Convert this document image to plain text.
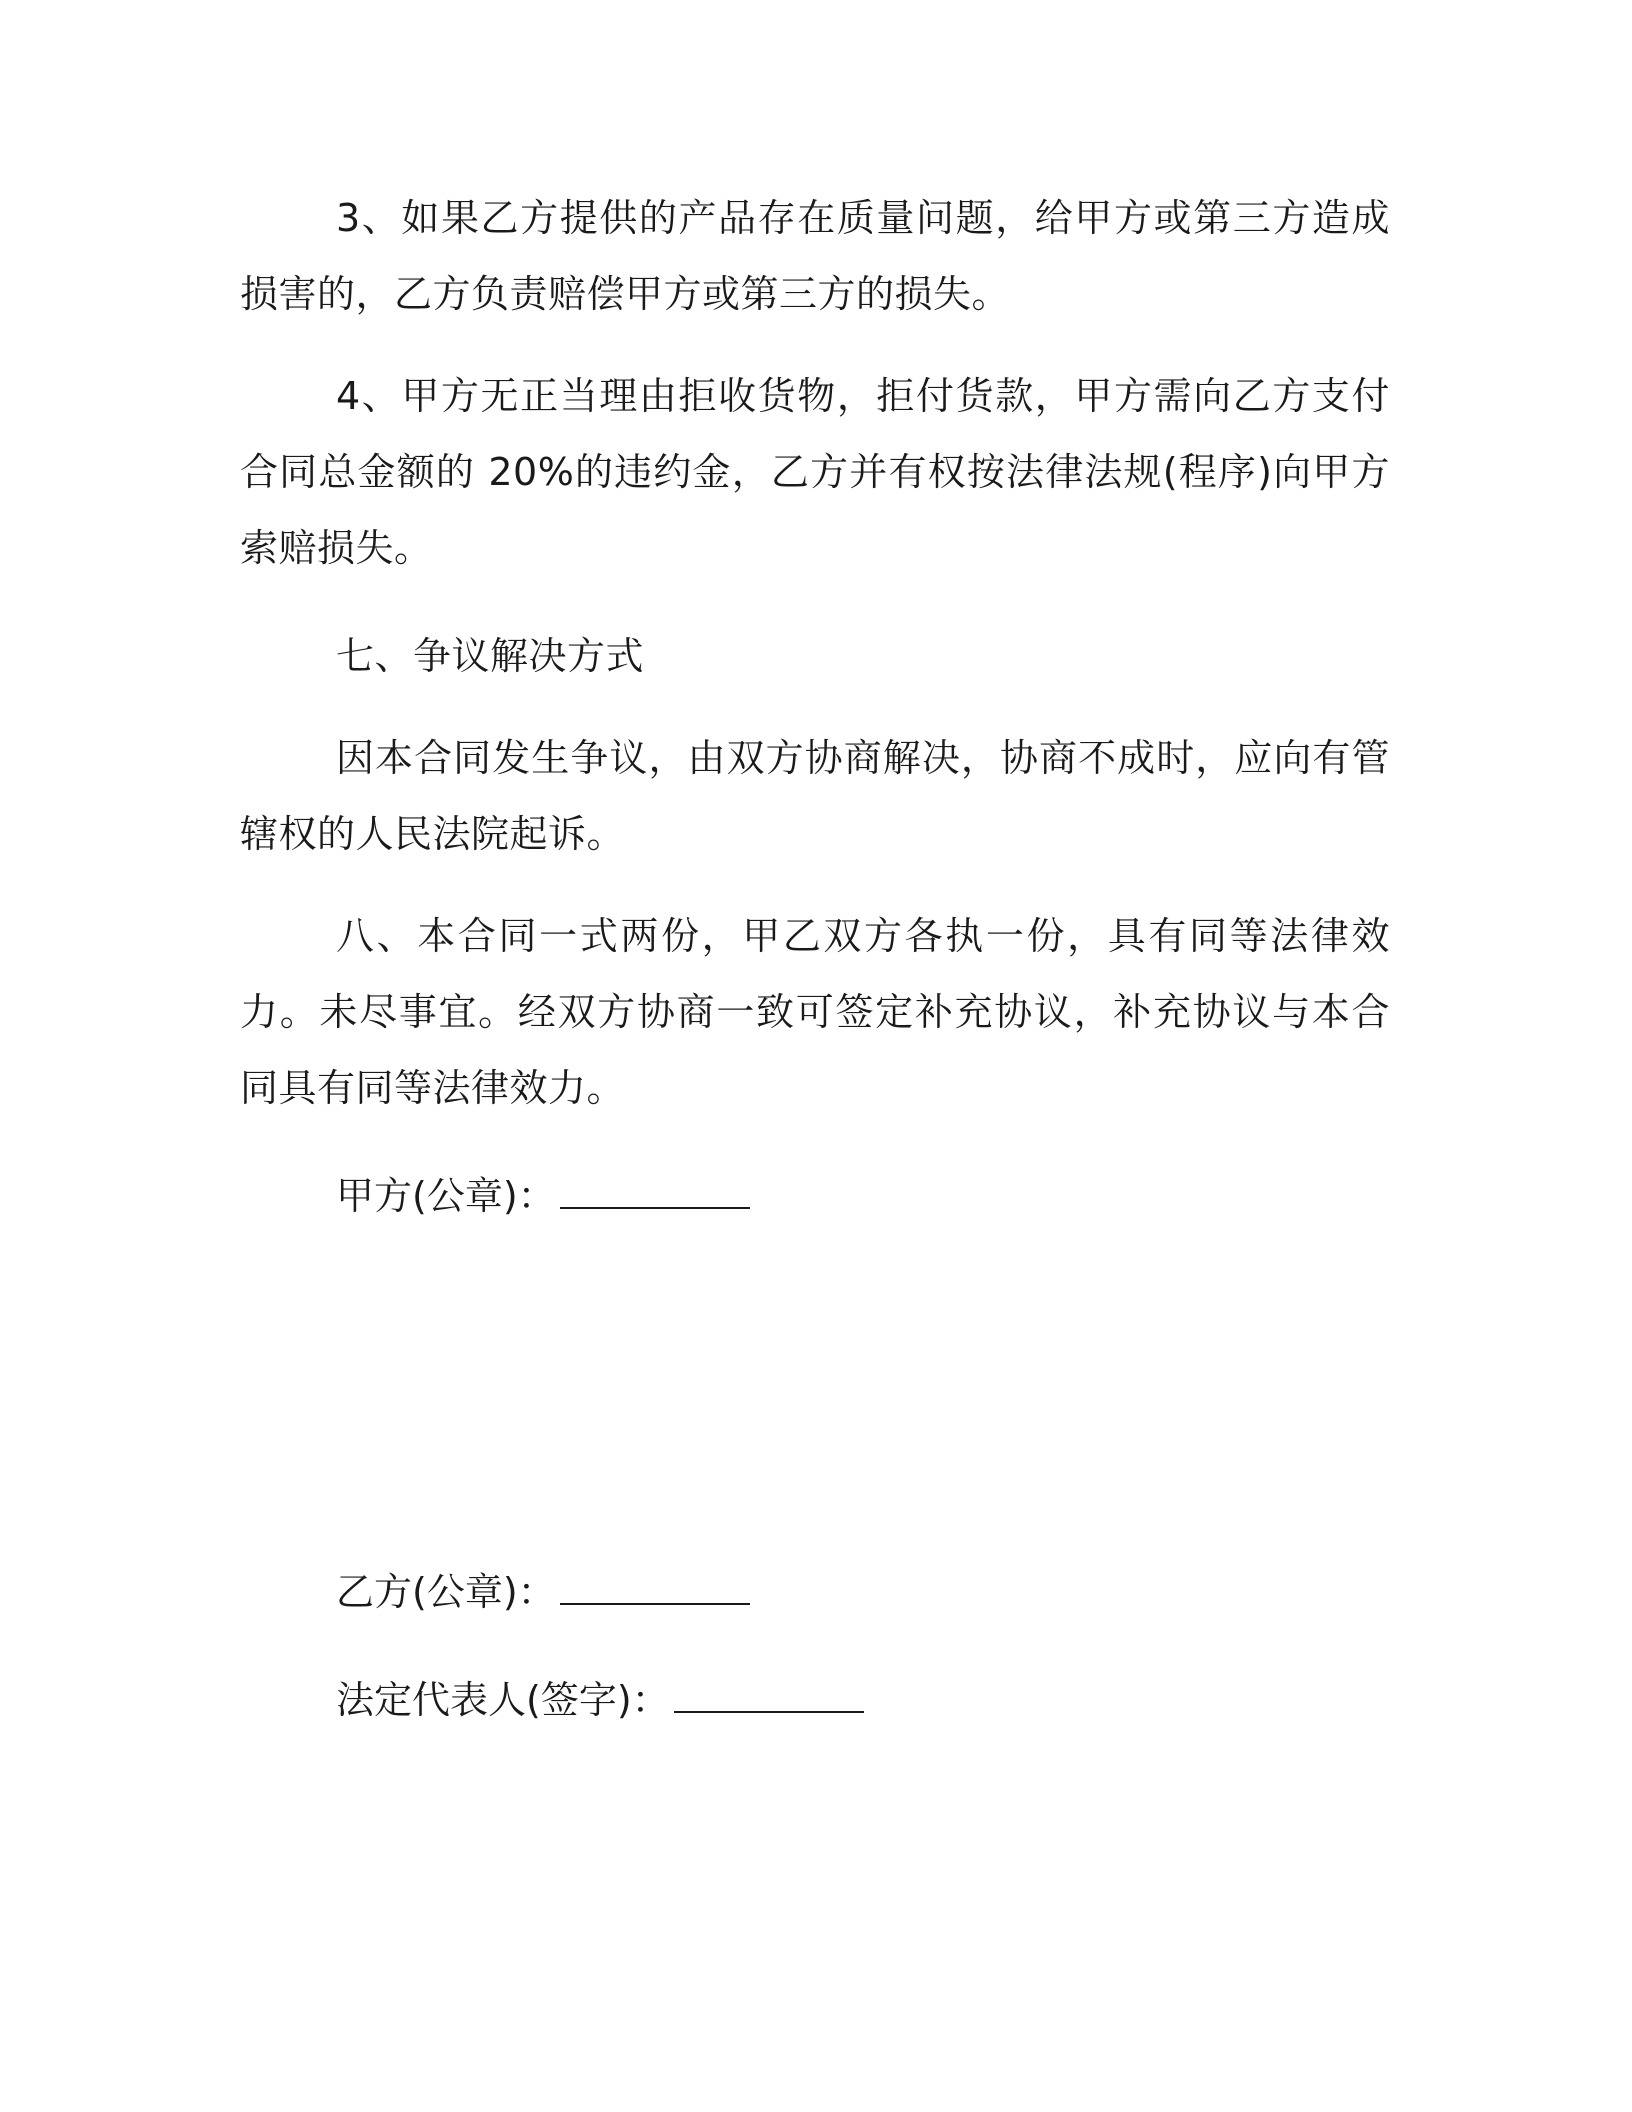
3、如果乙方提供的产品存在质量问题，给甲方或第三方造成损害的，乙方负责赔偿甲方或第三方的损失。

4、甲方无正当理由拒收货物，拒付货款，甲方需向乙方支付合同总金额的 20%的违约金，乙方并有权按法律法规(程序)向甲方索赔损失。

七、争议解决方式

因本合同发生争议，由双方协商解决，协商不成时，应向有管辖权的人民法院起诉。

八、本合同一式两份，甲乙双方各执一份，具有同等法律效力。未尽事宜。经双方协商一致可签定补充协议，补充协议与本合同具有同等法律效力。

甲方(公章)：
乙方(公章)：
法定代表人(签字)：
